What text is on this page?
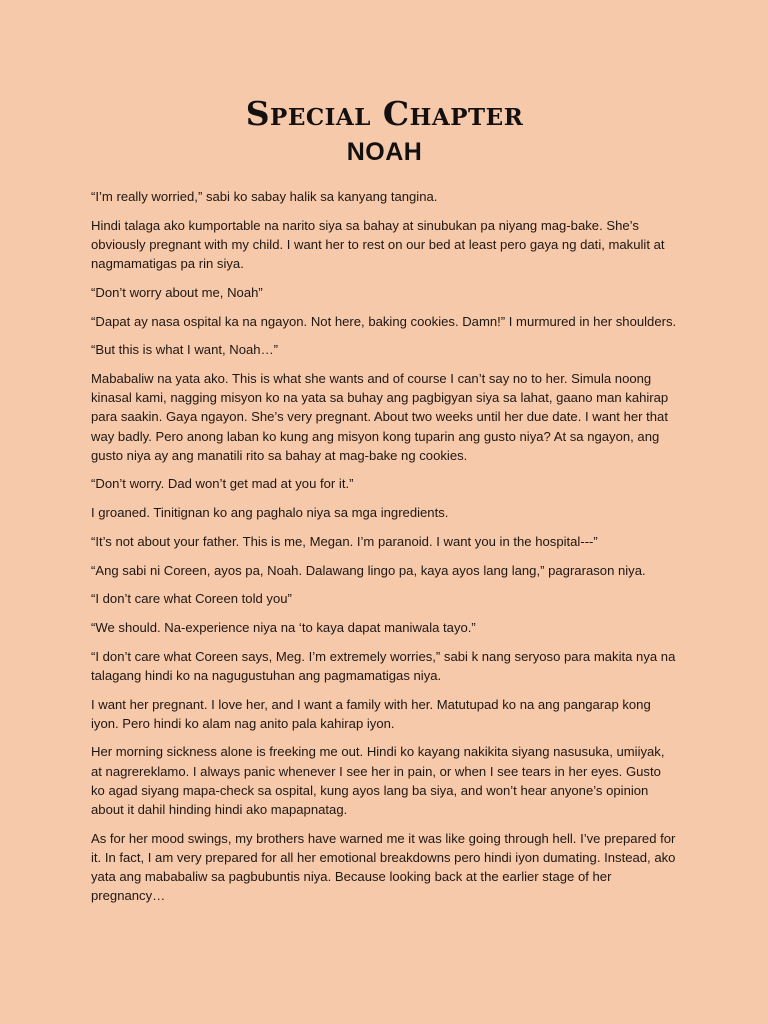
Special Chapter
NOAH

“I’m really worried,” sabi ko sabay halik sa kanyang tangina.

Hindi talaga ako kumportable na narito siya sa bahay at sinubukan pa niyang mag-bake. She’s obviously pregnant with my child. I want her to rest on our bed at least pero gaya ng dati, makulit at nagmamatigas pa rin siya.

“Don’t worry about me, Noah”

“Dapat ay nasa ospital ka na ngayon. Not here, baking cookies. Damn!” I murmured in her shoulders.

“But this is what I want, Noah…”

Mababaliw na yata ako. This is what she wants and of course I can’t say no to her. Simula noong kinasal kami, nagging misyon ko na yata sa buhay ang pagbigyan siya sa lahat, gaano man kahirap para saakin. Gaya ngayon. She’s very pregnant. About two weeks until her due date. I want her that way badly. Pero anong laban ko kung ang misyon kong tuparin ang gusto niya? At sa ngayon, ang gusto niya ay ang manatili rito sa bahay at mag-bake ng cookies.

“Don’t worry. Dad won’t get mad at you for it.”

I groaned. Tinitignan ko ang paghalo niya sa mga ingredients.

“It’s not about your father. This is me, Megan. I’m paranoid. I want you in the hospital---”

“Ang sabi ni Coreen, ayos pa, Noah. Dalawang lingo pa, kaya ayos lang lang,” pagrarason niya.

“I don’t care what Coreen told you”

“We should. Na-experience niya na ‘to kaya dapat maniwala tayo.”

“I don’t care what Coreen says, Meg. I’m extremely worries,” sabi k nang seryoso para makita nya na talagang hindi ko na nagugustuhan ang pagmamatigas niya.

I want her pregnant. I love her, and I want a family with her. Matutupad ko na ang pangarap kong iyon. Pero hindi ko alam nag anito pala kahirap iyon.

Her morning sickness alone is freeking me out. Hindi ko kayang nakikita siyang nasusuka, umiiyak, at nagrereklamo. I always panic whenever I see her in pain, or when I see tears in her eyes. Gusto ko agad siyang mapa-check sa ospital, kung ayos lang ba siya, and won’t hear anyone’s opinion about it dahil hinding hindi ako mapapnatag.

As for her mood swings, my brothers have warned me it was like going through hell. I’ve prepared for it. In fact, I am very prepared for all her emotional breakdowns pero hindi iyon dumating. Instead, ako yata ang mababaliw sa pagbubuntis niya. Because looking back at the earlier stage of her pregnancy…
